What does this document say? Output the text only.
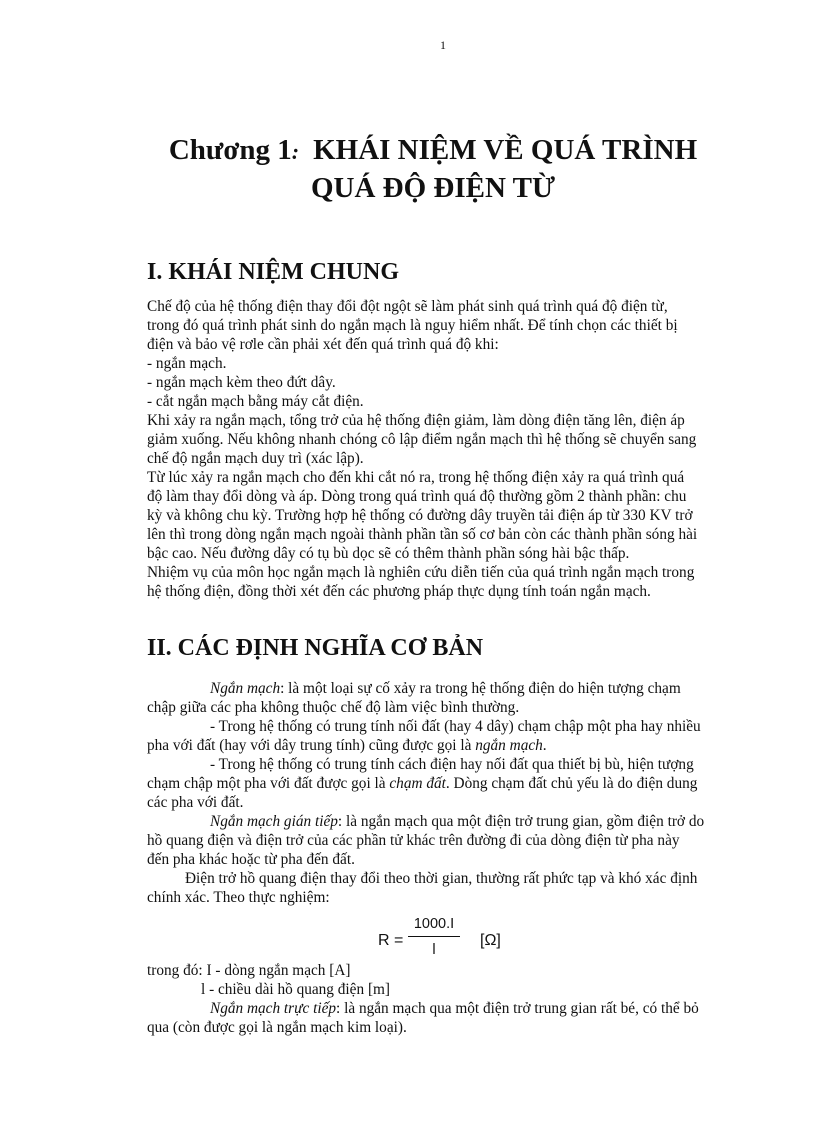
1
Chương 1: KHÁI NIỆM VỀ QUÁ TRÌNH
QUÁ ĐỘ ĐIỆN TỪ
I. KHÁI NIỆM CHUNG
Chế độ của hệ thống điện thay đổi đột ngột sẽ làm phát sinh quá trình quá độ điện từ,
trong đó quá trình phát sinh do ngắn mạch là nguy hiểm nhất. Để tính chọn các thiết bị
điện và bảo vệ rơle cần phải xét đến quá trình quá độ khi:
- ngắn mạch.
- ngắn mạch kèm theo đứt dây.
- cắt ngắn mạch bằng máy cắt điện.
Khi xảy ra ngắn mạch, tổng trở của hệ thống điện giảm, làm dòng điện tăng lên, điện áp
giảm xuống. Nếu không nhanh chóng cô lập điểm ngắn mạch thì hệ thống sẽ chuyển sang
chế độ ngắn mạch duy trì (xác lập).
Từ lúc xảy ra ngắn mạch cho đến khi cắt nó ra, trong hệ thống điện xảy ra quá trình quá
độ làm thay đổi dòng và áp. Dòng trong quá trình quá độ thường gồm 2 thành phần: chu
kỳ và không chu kỳ. Trường hợp hệ thống có đường dây truyền tải điện áp từ 330 KV trở
lên thì trong dòng ngắn mạch ngoài thành phần tần số cơ bản còn các thành phần sóng hài
bậc cao. Nếu đường dây có tụ bù dọc sẽ có thêm thành phần sóng hài bậc thấp.
Nhiệm vụ của môn học ngắn mạch là nghiên cứu diễn tiến của quá trình ngắn mạch trong
hệ thống điện, đồng thời xét đến các phương pháp thực dụng tính toán ngắn mạch.
II. CÁC ĐỊNH NGHĨA CƠ BẢN
Ngắn mạch: là một loại sự cố xảy ra trong hệ thống điện do hiện tượng chạm
chập giữa các pha không thuộc chế độ làm việc bình thường.
- Trong hệ thống có trung tính nối đất (hay 4 dây) chạm chập một pha hay nhiều
pha với đất (hay với dây trung tính) cũng được gọi là ngắn mạch.
- Trong hệ thống có trung tính cách điện hay nối đất qua thiết bị bù, hiện tượng
chạm chập một pha với đất được gọi là chạm đất. Dòng chạm đất chủ yếu là do điện dung
các pha với đất.
Ngắn mạch gián tiếp: là ngắn mạch qua một điện trở trung gian, gồm điện trở do
hồ quang điện và điện trở của các phần tử khác trên đường đi của dòng điện từ pha này
đến pha khác hoặc từ pha đến đất.
Điện trở hồ quang điện thay đổi theo thời gian, thường rất phức tạp và khó xác định
chính xác. Theo thực nghiệm:
R =
1000.I
l
[Ω]
trong đó: I - dòng ngắn mạch [A]
l - chiều dài hồ quang điện [m]
Ngắn mạch trực tiếp: là ngắn mạch qua một điện trở trung gian rất bé, có thể bỏ
qua (còn được gọi là ngắn mạch kim loại).
